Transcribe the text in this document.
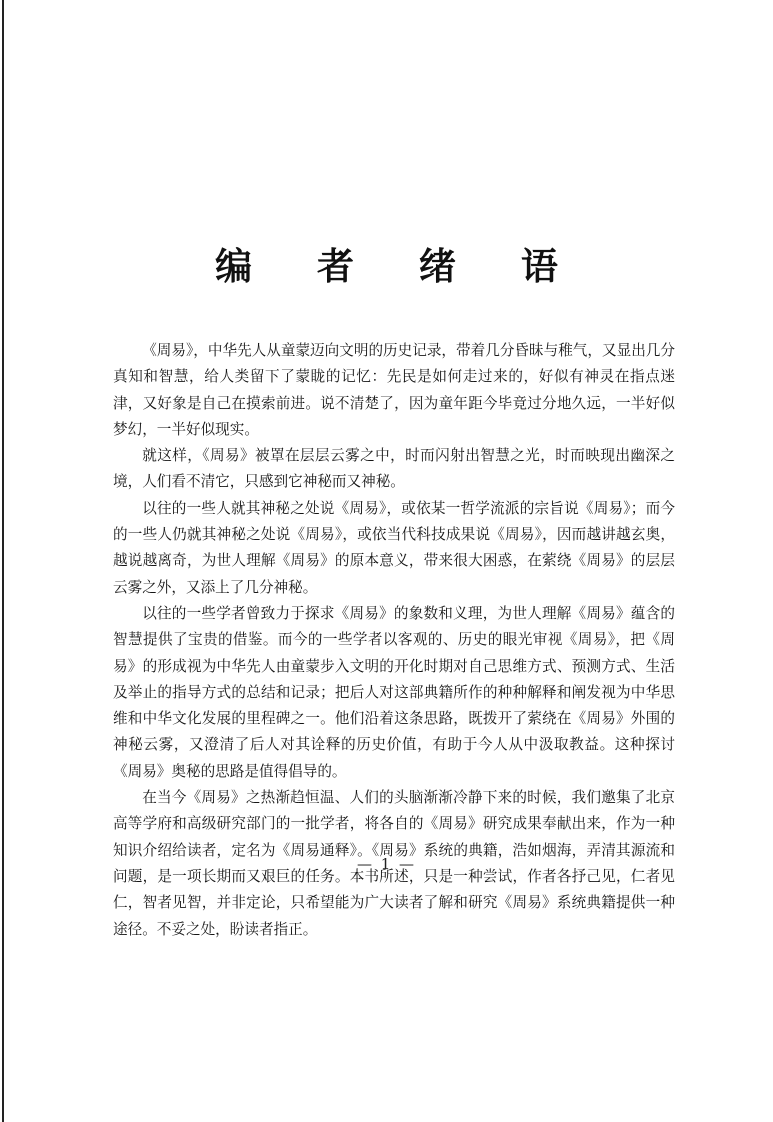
编 者 绪 语

《周易》，中华先人从童蒙迈向文明的历史记录，带着几分昏昧与稚气，又显出几分真知和智慧，给人类留下了蒙眬的记忆：先民是如何走过来的，好似有神灵在指点迷津，又好象是自己在摸索前进。说不清楚了，因为童年距今毕竟过分地久远，一半好似梦幻，一半好似现实。

就这样，《周易》被罩在层层云雾之中，时而闪射出智慧之光，时而映现出幽深之境，人们看不清它，只感到它神秘而又神秘。

以往的一些人就其神秘之处说《周易》，或依某一哲学流派的宗旨说《周易》；而今的一些人仍就其神秘之处说《周易》，或依当代科技成果说《周易》，因而越讲越玄奥，越说越离奇，为世人理解《周易》的原本意义，带来很大困惑，在萦绕《周易》的层层云雾之外，又添上了几分神秘。

以往的一些学者曾致力于探求《周易》的象数和义理，为世人理解《周易》蕴含的智慧提供了宝贵的借鉴。而今的一些学者以客观的、历史的眼光审视《周易》，把《周易》的形成视为中华先人由童蒙步入文明的开化时期对自己思维方式、预测方式、生活及举止的指导方式的总结和记录；把后人对这部典籍所作的种种解释和阐发视为中华思维和中华文化发展的里程碑之一。他们沿着这条思路，既拨开了萦绕在《周易》外围的神秘云雾，又澄清了后人对其诠释的历史价值，有助于今人从中汲取教益。这种探讨《周易》奥秘的思路是值得倡导的。

在当今《周易》之热渐趋恒温、人们的头脑渐渐冷静下来的时候，我们邀集了北京高等学府和高级研究部门的一批学者，将各自的《周易》研究成果奉献出来，作为一种知识介绍给读者，定名为《周易通释》。《周易》系统的典籍，浩如烟海，弄清其源流和问题，是一项长期而又艰巨的任务。本书所述，只是一种尝试，作者各抒己见，仁者见仁，智者见智，并非定论，只希望能为广大读者了解和研究《周易》系统典籍提供一种途径。不妥之处，盼读者指正。

— 1 —
